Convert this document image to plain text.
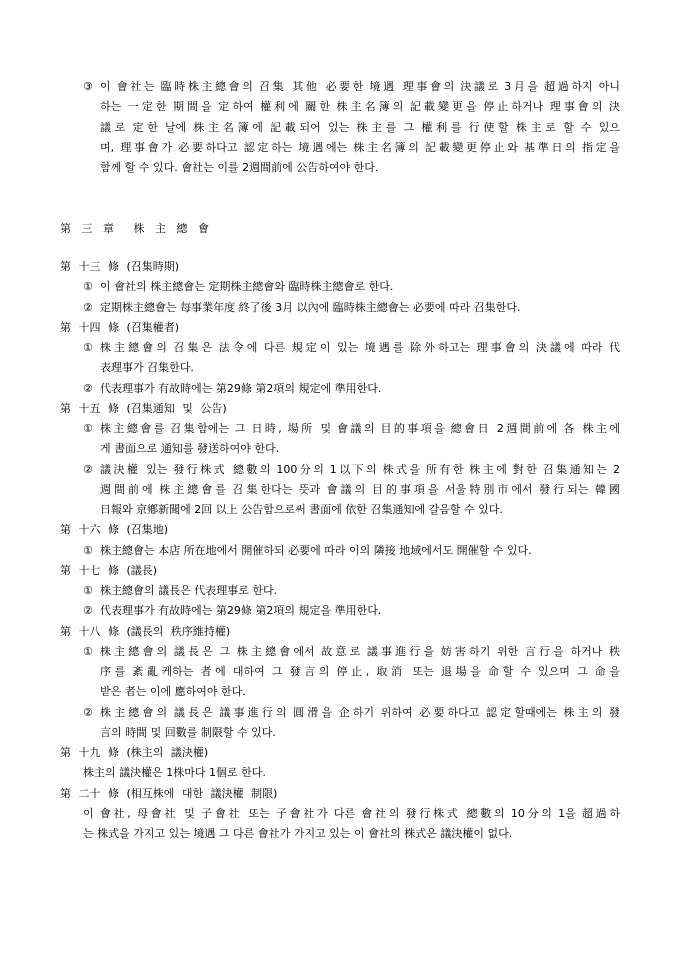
③ 이 會社는 臨時株主總會의 召集 其他 必要한 境遇 理事會의 決議로 3月을 超過하지 아니
하는 一定한 期間을 定하여 權利에 關한 株主名簿의 記載變更을 停止하거나 理事會의 決
議로 定한 날에 株主名簿에 記載되어 있는 株主를 그 權利를 行使할 株主로 할 수 있으
며, 理事會가 必要하다고 認定하는 境遇에는 株主名簿의 記載變更停止와 基準日의 指定을
함께 할 수 있다. 會社는 이를 2週間前에 公告하여야 한다.
第 三 章 株 主 總 會
第 十三 條 (召集時期)
① 이 會社의 株主總會는 定期株主總會와 臨時株主總會로 한다.
② 定期株主總會는 每事業年度 終了後 3月 以內에 臨時株主總會는 必要에 따라 召集한다.
第 十四 條 (召集權者)
① 株主總會의 召集은 法令에 다른 規定이 있는 境遇를 除外하고는 理事會의 決議에 따라 代
表理事가 召集한다.
② 代表理事가 有故時에는 第29條 第2項의 規定에 準用한다.
第 十五 條 (召集通知 및 公告)
① 株主總會를 召集함에는 그 日時, 場所 및 會議의 目的事項을 總會日 2週間前에 各 株主에
게 書面으로 通知를 發送하여야 한다.
② 議決權 있는 發行株式 總數의 100分의 1以下의 株式을 所有한 株主에 對한 召集通知는 2
週間前에 株主總會를 召集한다는 뜻과 會議의 目的事項을 서울特別市에서 發行되는 韓國
日報와 京鄕新聞에 2回 以上 公告함으로써 書面에 依한 召集通知에 갈음할 수 있다.
第 十六 條 (召集地)
① 株主總會는 本店 所在地에서 開催하되 必要에 따라 이의 隣接 地域에서도 開催할 수 있다.
第 十七 條 (議長)
① 株主總會의 議長은 代表理事로 한다.
② 代表理事가 有故時에는 第29條 第2項의 規定을 準用한다.
第 十八 條 (議長의 秩序維持權)
① 株主總會의 議長은 그 株主總會에서 故意로 議事進行을 妨害하기 위한 言行을 하거나 秩
序를 紊亂케하는 者에 대하여 그 發言의 停止, 取消 또는 退場을 命할 수 있으며 그 命을
받은 者는 이에 應하여야 한다.
② 株主總會의 議長은 議事進行의 圓滑을 企하기 위하여 必要하다고 認定할때에는 株主의 發
言의 時間 및 回數를 制限할 수 있다.
第 十九 條 (株主의 議決權)
株主의 議決權은 1株마다 1個로 한다.
第 二十 條 (相互株에 대한 議決權 制限)
이 會社, 母會社 및 子會社 또는 子會社가 다른 會社의 發行株式 總數의 10分의 1을 超過하
는 株式을 가지고 있는 境遇 그 다른 會社가 가지고 있는 이 會社의 株式은 議決權이 없다.
